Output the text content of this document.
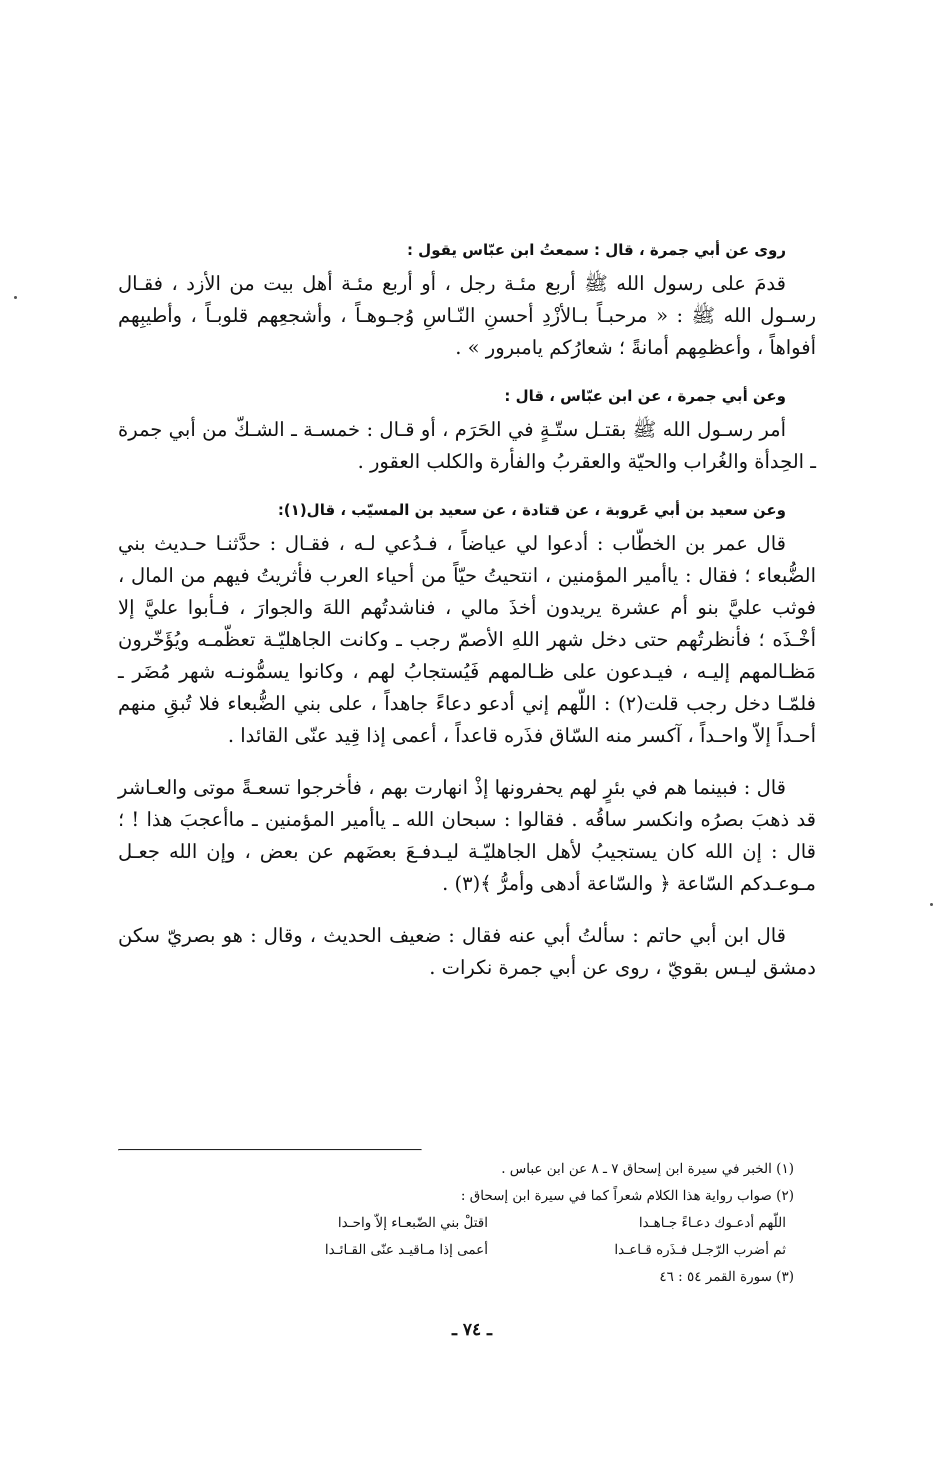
روى عن أبي جمرة ، قال : سمعتُ ابن عبّاس يقول :

قدمَ على رسول الله ﷺ أربع مئـة رجل ، أو أربع مئـة أهل بيت من الأزد ، فقـال رسـول الله ﷺ : « مرحبـاً بـالأزْدِ أحسنِ النّـاسِ وُجـوهـاً ، وأشجعِهم قلوبـاً ، وأطيبِهم أفواهاً ، وأعظمِهم أمانةً ؛ شعارُكم يامبرور » .

وعن أبي جمرة ، عن ابن عبّاس ، قال :

أمر رسـول الله ﷺ بقتـل ستّـةٍ في الحَرَم ، أو قـال : خمسـة ـ الشـكّ من أبي جمرة ـ الحِدأة والغُراب والحيّة والعقربُ والفأرة والكلب العقور .

وعن سعيد بن أبي عَروبة ، عن قتادة ، عن سعيد بن المسيّب ، قال(١):

قال عمر بن الخطّاب : أدعوا لي عياضاً ، فـدُعي لـه ، فقـال : حدَّثنـا حـديث بني الضُّبعاء ؛ فقال : ياأمير المؤمنين ، انتحيتُ حيّاً من أحياء العرب فأثريتُ فيهم من المال ، فوثب عليَّ بنو أم عشرة يريدون أخذَ مالي ، فناشدتُهم اللهَ والجوارَ ، فـأبوا عليَّ إلا أخْـذَه ؛ فأنظرتُهم حتى دخل شهر اللهِ الأصمّ رجب ـ وكانت الجاهليّـة تعظّمـه ويُؤَخّرون مَظـالمهم إليـه ، فيـدعون على ظـالمهم فَيُستجابُ لهم ، وكانوا يسمُّونـه شهر مُضَر ـ فلمّـا دخل رجب قلت(٢) : اللّهم إني أدعو دعاءً جاهداً ، على بني الضُّبعاء فلا تُبقِ منهم أحـداً إلاّ واحـداً ، آكسر منه السّاق فذَره قاعداً ، أعمى إذا قِيد عنّى القائدا .

قال : فبينما هم في بئرٍ لهم يحفرونها إذْ انهارت بهم ، فأخرجوا تسعـةً موتى والعـاشر قد ذهبَ بصرُه وانكسر ساقُه . فقالوا : سبحان الله ـ ياأمير المؤمنين ـ ماأعجبَ هذا ! ؛ قال : إن الله كان يستجيبُ لأهل الجاهليّـة ليـدفـعَ بعضَهم عن بعض ، وإن الله جعـل مـوعـدكم السّاعة ﴿ والسّاعة أدهى وأمرُّ ﴾(٣) .

قال ابن أبي حاتم : سألتُ أبي عنه فقال : ضعيف الحديث ، وقال : هو بصريّ سكن دمشق ليـس بقويّ ، روى عن أبي جمرة نكرات .

(١) الخبر في سيرة ابن إسحاق ٧ ـ ٨ عن ابن عباس .

(٢) صواب رواية هذا الكلام شعراً كما في سيرة ابن إسحاق :

اللّهم أدعـوك دعـاءً جـاهـدا
اقتلْ بني الضّبعـاء إلاّ واحـدا
ثم أضرب الرّجـل فـذَره قـاعـدا
أعمى إذا مـاقيـد عنّى القـائـدا

(٣) سورة القمر ٥٤ : ٤٦

ـ ٧٤ ـ
